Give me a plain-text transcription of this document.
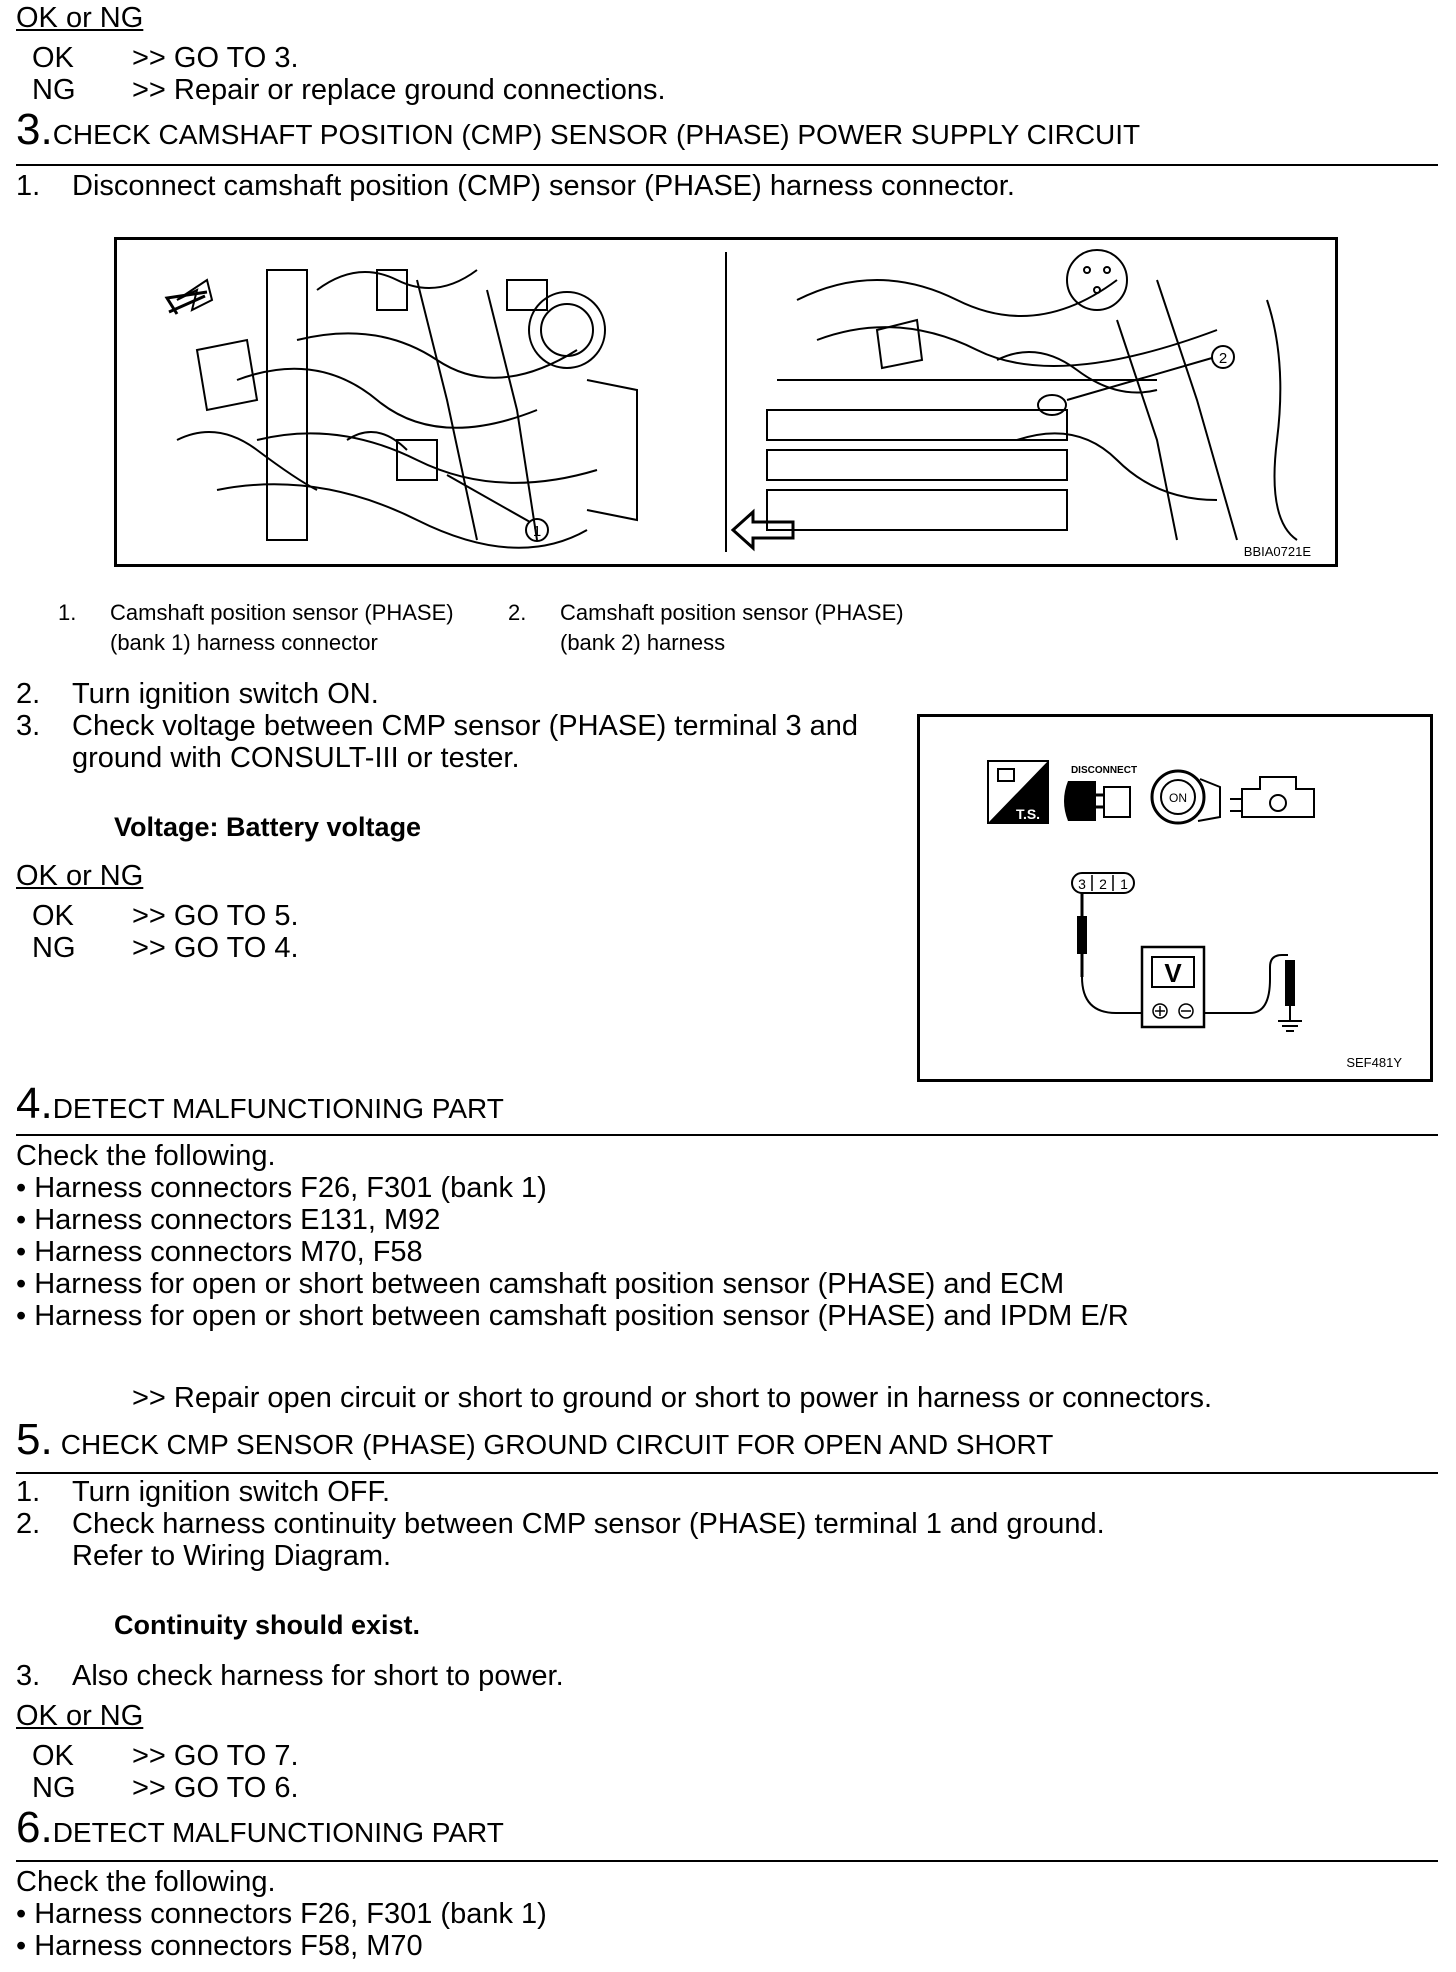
OK or NG
OK >> GO TO 3.
NG >> Repair or replace ground connections.
3.CHECK CAMSHAFT POSITION (CMP) SENSOR (PHASE) POWER SUPPLY CIRCUIT
1. Disconnect camshaft position (CMP) sensor (PHASE) harness connector.
1
2
BBIA0721E
1. Camshaft position sensor (PHASE)
(bank 1) harness connector
2. Camshaft position sensor (PHASE)
(bank 2) harness
2. Turn ignition switch ON.
3. Check voltage between CMP sensor (PHASE) terminal 3 and
ground with CONSULT-III or tester.
Voltage: Battery voltage
OK or NG
OK >> GO TO 5.
NG >> GO TO 4.
T.S.
DISCONNECT
ON
3 2 1
V
SEF481Y
4.DETECT MALFUNCTIONING PART
Check the following.
• Harness connectors F26, F301 (bank 1)
• Harness connectors E131, M92
• Harness connectors M70, F58
• Harness for open or short between camshaft position sensor (PHASE) and ECM
• Harness for open or short between camshaft position sensor (PHASE) and IPDM E/R
>> Repair open circuit or short to ground or short to power in harness or connectors.
5. CHECK CMP SENSOR (PHASE) GROUND CIRCUIT FOR OPEN AND SHORT
1. Turn ignition switch OFF.
2. Check harness continuity between CMP sensor (PHASE) terminal 1 and ground.
Refer to Wiring Diagram.
Continuity should exist.
3. Also check harness for short to power.
OK or NG
OK >> GO TO 7.
NG >> GO TO 6.
6.DETECT MALFUNCTIONING PART
Check the following.
• Harness connectors F26, F301 (bank 1)
• Harness connectors F58, M70
